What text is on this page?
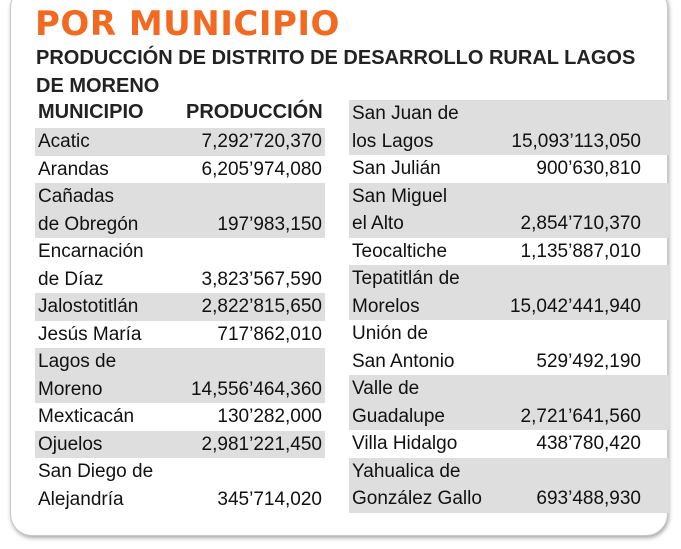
POR MUNICIPIO
PRODUCCIÓN DE DISTRITO DE DESARROLLO RURAL LAGOS DE MORENO
MUNICIPIO PRODUCCIÓN
Acatic	7,292’720,370
Arandas	6,205’974,080
Cañadas
de Obregón	197’983,150
Encarnación
de Díaz	3,823’567,590
Jalostotitlán	2,822’815,650
Jesús María	717’862,010
Lagos de
Moreno	14,556’464,360
Mexticacán	130’282,000
Ojuelos	2,981’221,450
San Diego de
Alejandría	345’714,020
San Juan de
los Lagos	15,093’113,050
San Julián	900’630,810
San Miguel
el Alto	2,854’710,370
Teocaltiche	1,135’887,010
Tepatitlán de
Morelos	15,042’441,940
Unión de
San Antonio	529’492,190
Valle de
Guadalupe	2,721’641,560
Villa Hidalgo	438’780,420
Yahualica de
González Gallo	693’488,930
